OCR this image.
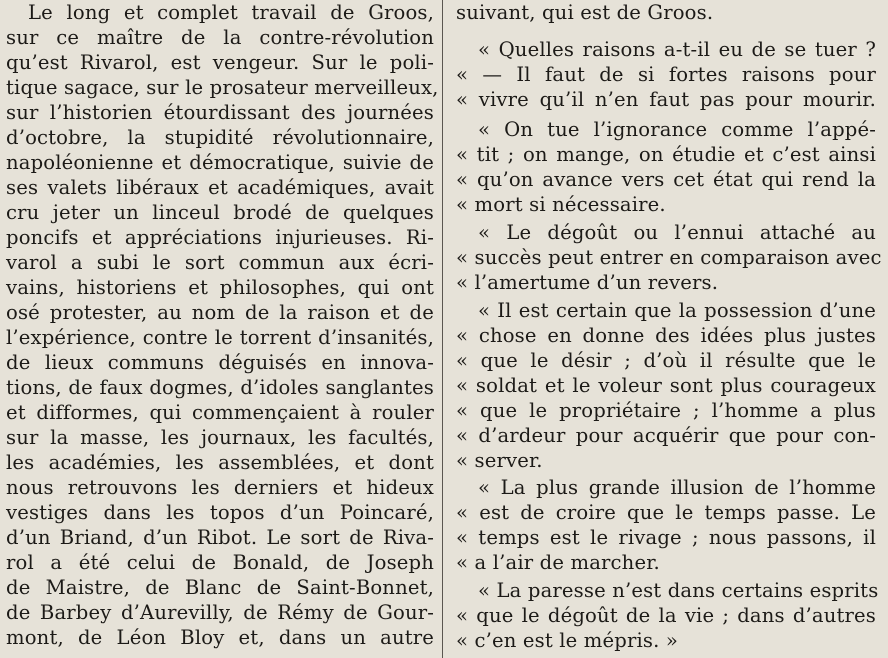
Le long et complet travail de Groos,
sur ce maître de la contre-révolution
qu’est Rivarol, est vengeur. Sur le poli-
tique sagace, sur le prosateur merveilleux,
sur l’historien étourdissant des journées
d’octobre, la stupidité révolutionnaire,
napoléonienne et démocratique, suivie de
ses valets libéraux et académiques, avait
cru jeter un linceul brodé de quelques
poncifs et appréciations injurieuses. Ri-
varol a subi le sort commun aux écri-
vains, historiens et philosophes, qui ont
osé protester, au nom de la raison et de
l’expérience, contre le torrent d’insanités,
de lieux communs déguisés en innova-
tions, de faux dogmes, d’idoles sanglantes
et difformes, qui commençaient à rouler
sur la masse, les journaux, les facultés,
les académies, les assemblées, et dont
nous retrouvons les derniers et hideux
vestiges dans les topos d’un Poincaré,
d’un Briand, d’un Ribot. Le sort de Riva-
rol a été celui de Bonald, de Joseph
de Maistre, de Blanc de Saint-Bonnet,
de Barbey d’Aurevilly, de Rémy de Gour-
mont, de Léon Bloy et, dans un autre
suivant, qui est de Groos.
« Quelles raisons a-t-il eu de se tuer ?
« — Il faut de si fortes raisons pour
« vivre qu’il n’en faut pas pour mourir.
« On tue l’ignorance comme l’appé-
« tit ; on mange, on étudie et c’est ainsi
« qu’on avance vers cet état qui rend la
« mort si nécessaire.
« Le dégoût ou l’ennui attaché au
« succès peut entrer en comparaison avec
« l’amertume d’un revers.
« Il est certain que la possession d’une
« chose en donne des idées plus justes
« que le désir ; d’où il résulte que le
« soldat et le voleur sont plus courageux
« que le propriétaire ; l’homme a plus
« d’ardeur pour acquérir que pour con-
« server.
« La plus grande illusion de l’homme
« est de croire que le temps passe. Le
« temps est le rivage ; nous passons, il
« a l’air de marcher.
« La paresse n’est dans certains esprits
« que le dégoût de la vie ; dans d’autres
« c’en est le mépris. »
